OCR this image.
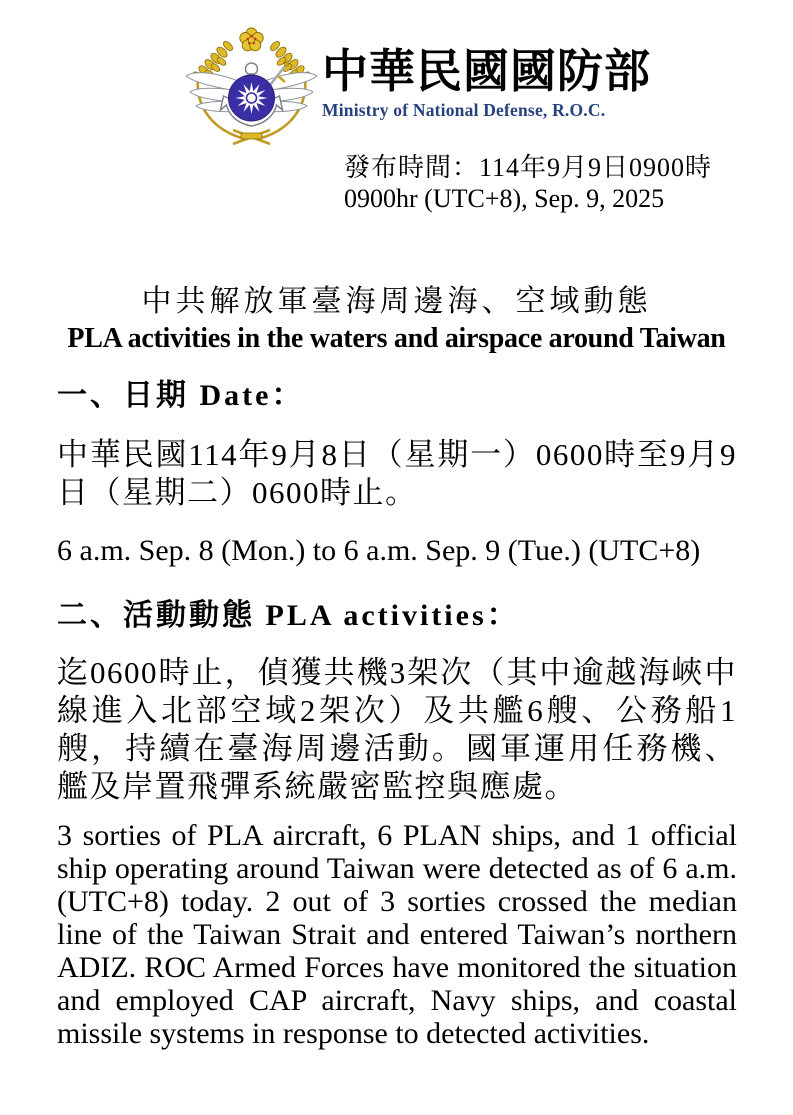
中華民國國防部
Ministry of National Defense, R.O.C.
發布時間：114年9月9日0900時
0900hr (UTC+8), Sep. 9, 2025
中共解放軍臺海周邊海、空域動態
PLA activities in the waters and airspace around Taiwan
一、日期 Date：

中華民國114年9月8日（星期一）0600時至9月9日（星期二）0600時止。

6 a.m. Sep. 8 (Mon.) to 6 a.m. Sep. 9 (Tue.) (UTC+8)

二、活動動態 PLA activities：

迄0600時止，偵獲共機3架次（其中逾越海峽中線進入北部空域2架次）及共艦6艘、公務船1艘，持續在臺海周邊活動。國軍運用任務機、艦及岸置飛彈系統嚴密監控與應處。

3 sorties of PLA aircraft, 6 PLAN ships, and 1 official ship operating around Taiwan were detected as of 6 a.m. (UTC+8) today. 2 out of 3 sorties crossed the median line of the Taiwan Strait and entered Taiwan’s northern ADIZ. ROC Armed Forces have monitored the situation and employed CAP aircraft, Navy ships, and coastal missile systems in response to detected activities.
